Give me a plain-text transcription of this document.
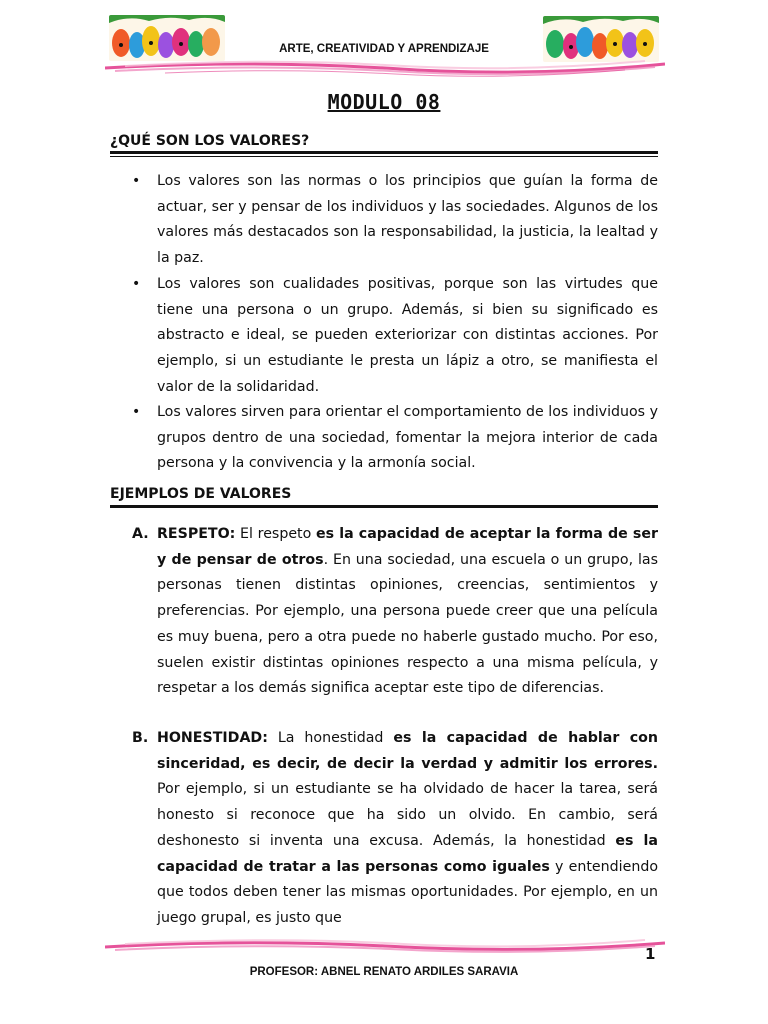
ARTE, CREATIVIDAD Y APRENDIZAJE
MODULO 08
¿QUÉ SON LOS VALORES?
• Los valores son las normas o los principios que guían la forma de actuar, ser y pensar de los individuos y las sociedades. Algunos de los valores más destacados son la responsabilidad, la justicia, la lealtad y la paz.
• Los valores son cualidades positivas, porque son las virtudes que tiene una persona o un grupo. Además, si bien su significado es abstracto e ideal, se pueden exteriorizar con distintas acciones. Por ejemplo, si un estudiante le presta un lápiz a otro, se manifiesta el valor de la solidaridad.
• Los valores sirven para orientar el comportamiento de los individuos y grupos dentro de una sociedad, fomentar la mejora interior de cada persona y la convivencia y la armonía social.
EJEMPLOS DE VALORES
A. RESPETO: El respeto es la capacidad de aceptar la forma de ser y de pensar de otros. En una sociedad, una escuela o un grupo, las personas tienen distintas opiniones, creencias, sentimientos y preferencias. Por ejemplo, una persona puede creer que una película es muy buena, pero a otra puede no haberle gustado mucho. Por eso, suelen existir distintas opiniones respecto a una misma película, y respetar a los demás significa aceptar este tipo de diferencias.
B. HONESTIDAD: La honestidad es la capacidad de hablar con sinceridad, es decir, de decir la verdad y admitir los errores. Por ejemplo, si un estudiante se ha olvidado de hacer la tarea, será honesto si reconoce que ha sido un olvido. En cambio, será deshonesto si inventa una excusa. Además, la honestidad es la capacidad de tratar a las personas como iguales y entendiendo que todos deben tener las mismas oportunidades. Por ejemplo, en un juego grupal, es justo que
1
PROFESOR: ABNEL RENATO ARDILES SARAVIA
